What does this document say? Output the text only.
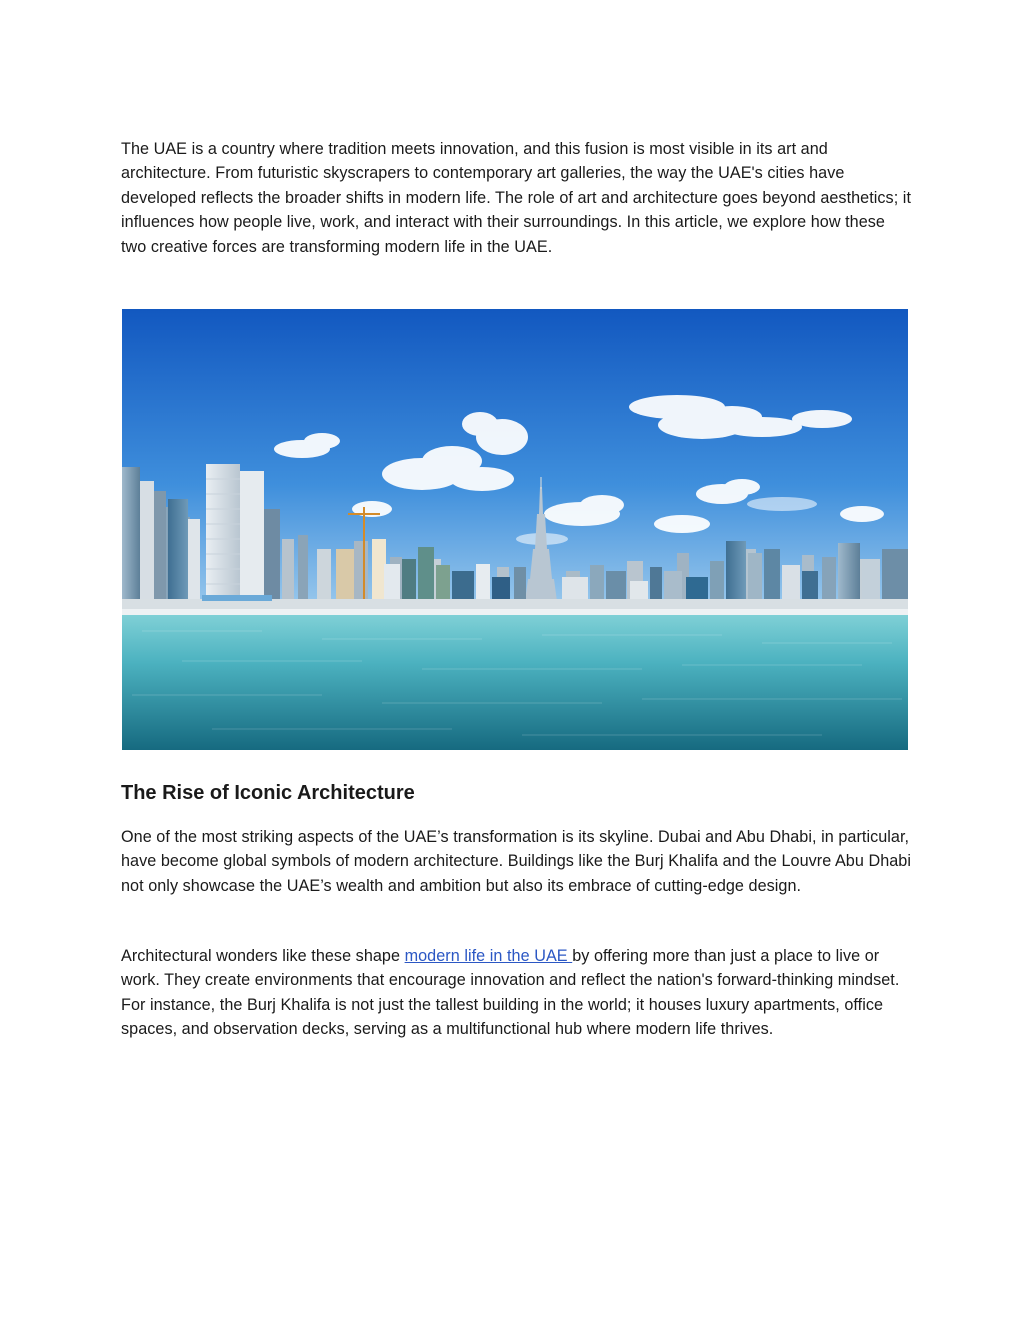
The UAE is a country where tradition meets innovation, and this fusion is most visible in its art and architecture. From futuristic skyscrapers to contemporary art galleries, the way the UAE's cities have developed reflects the broader shifts in modern life. The role of art and architecture goes beyond aesthetics; it influences how people live, work, and interact with their surroundings. In this article, we explore how these two creative forces are transforming modern life in the UAE.

The Rise of Iconic Architecture

One of the most striking aspects of the UAE’s transformation is its skyline. Dubai and Abu Dhabi, in particular, have become global symbols of modern architecture. Buildings like the Burj Khalifa and the Louvre Abu Dhabi not only showcase the UAE’s wealth and ambition but also its embrace of cutting-edge design.

Architectural wonders like these shape modern life in the UAE by offering more than just a place to live or work. They create environments that encourage innovation and reflect the nation's forward-thinking mindset. For instance, the Burj Khalifa is not just the tallest building in the world; it houses luxury apartments, office spaces, and observation decks, serving as a multifunctional hub where modern life thrives.
